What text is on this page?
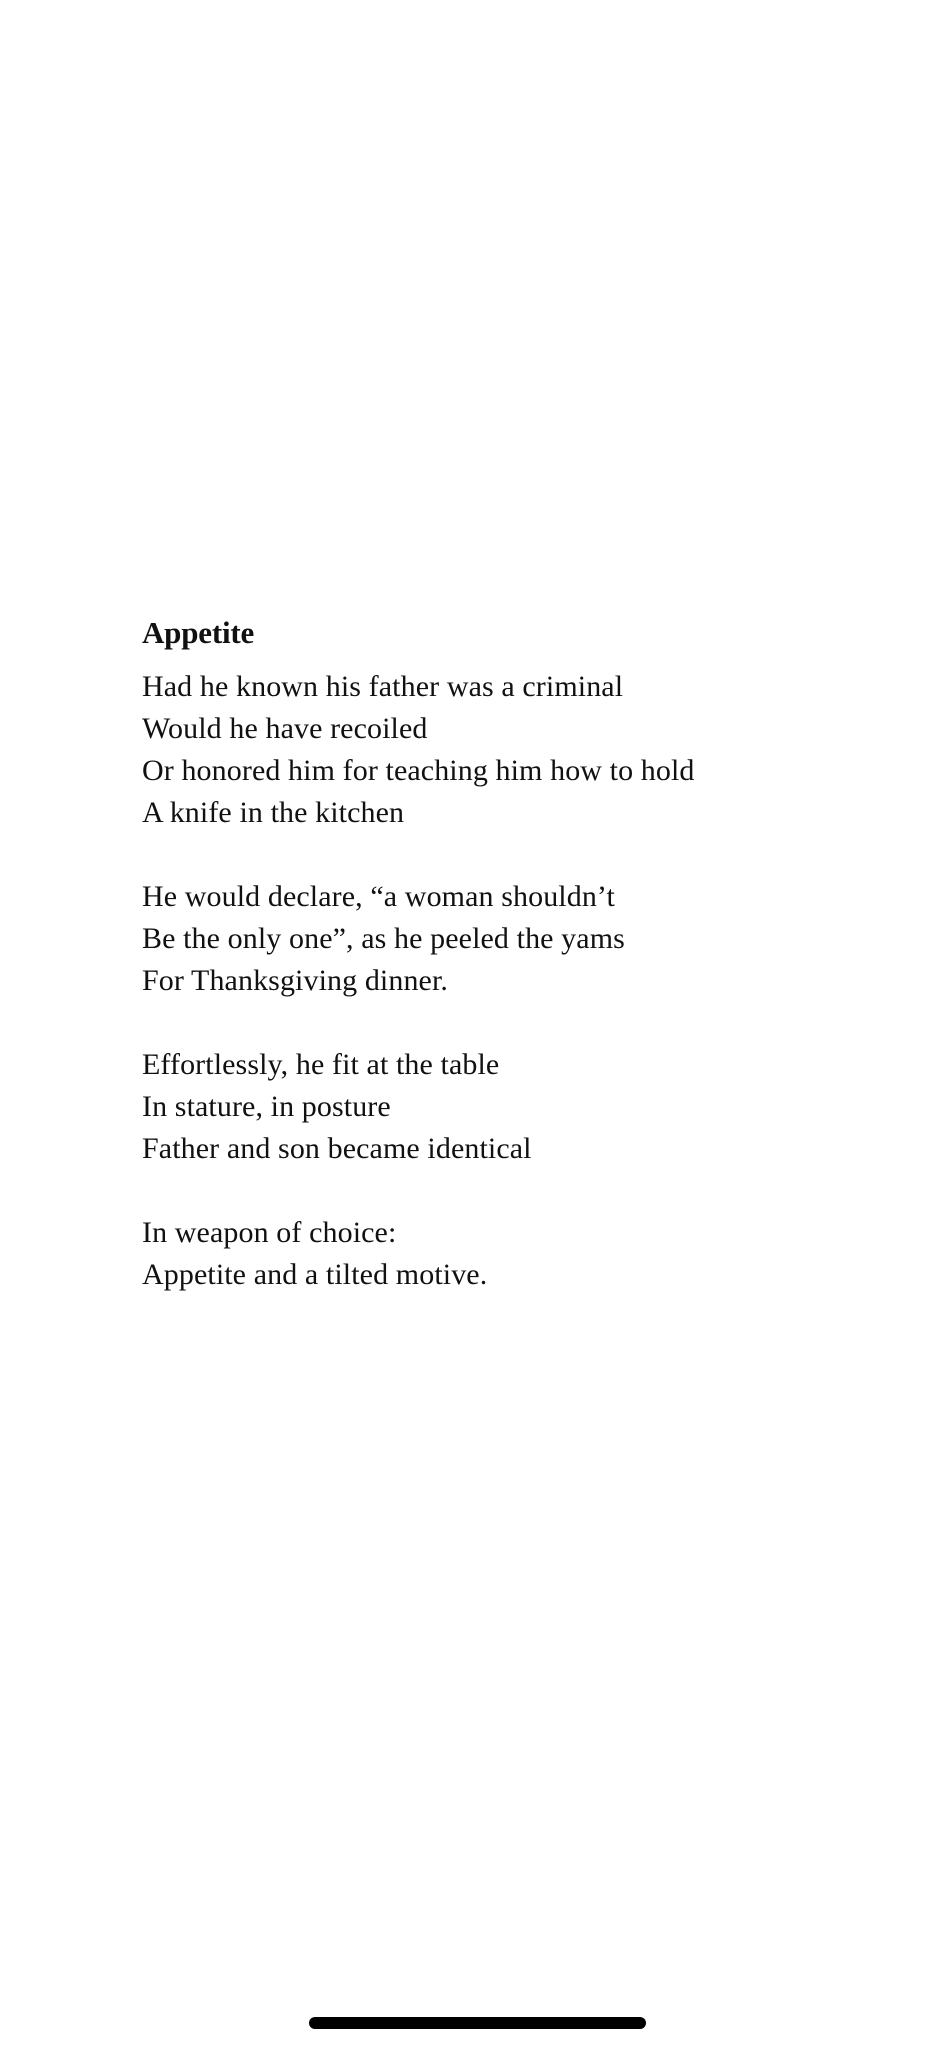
Appetite
Had he known his father was a criminal
Would he have recoiled
Or honored him for teaching him how to hold
A knife in the kitchen
He would declare, “a woman shouldn’t
Be the only one”, as he peeled the yams
For Thanksgiving dinner.
Effortlessly, he fit at the table
In stature, in posture
Father and son became identical
In weapon of choice:
Appetite and a tilted motive.
